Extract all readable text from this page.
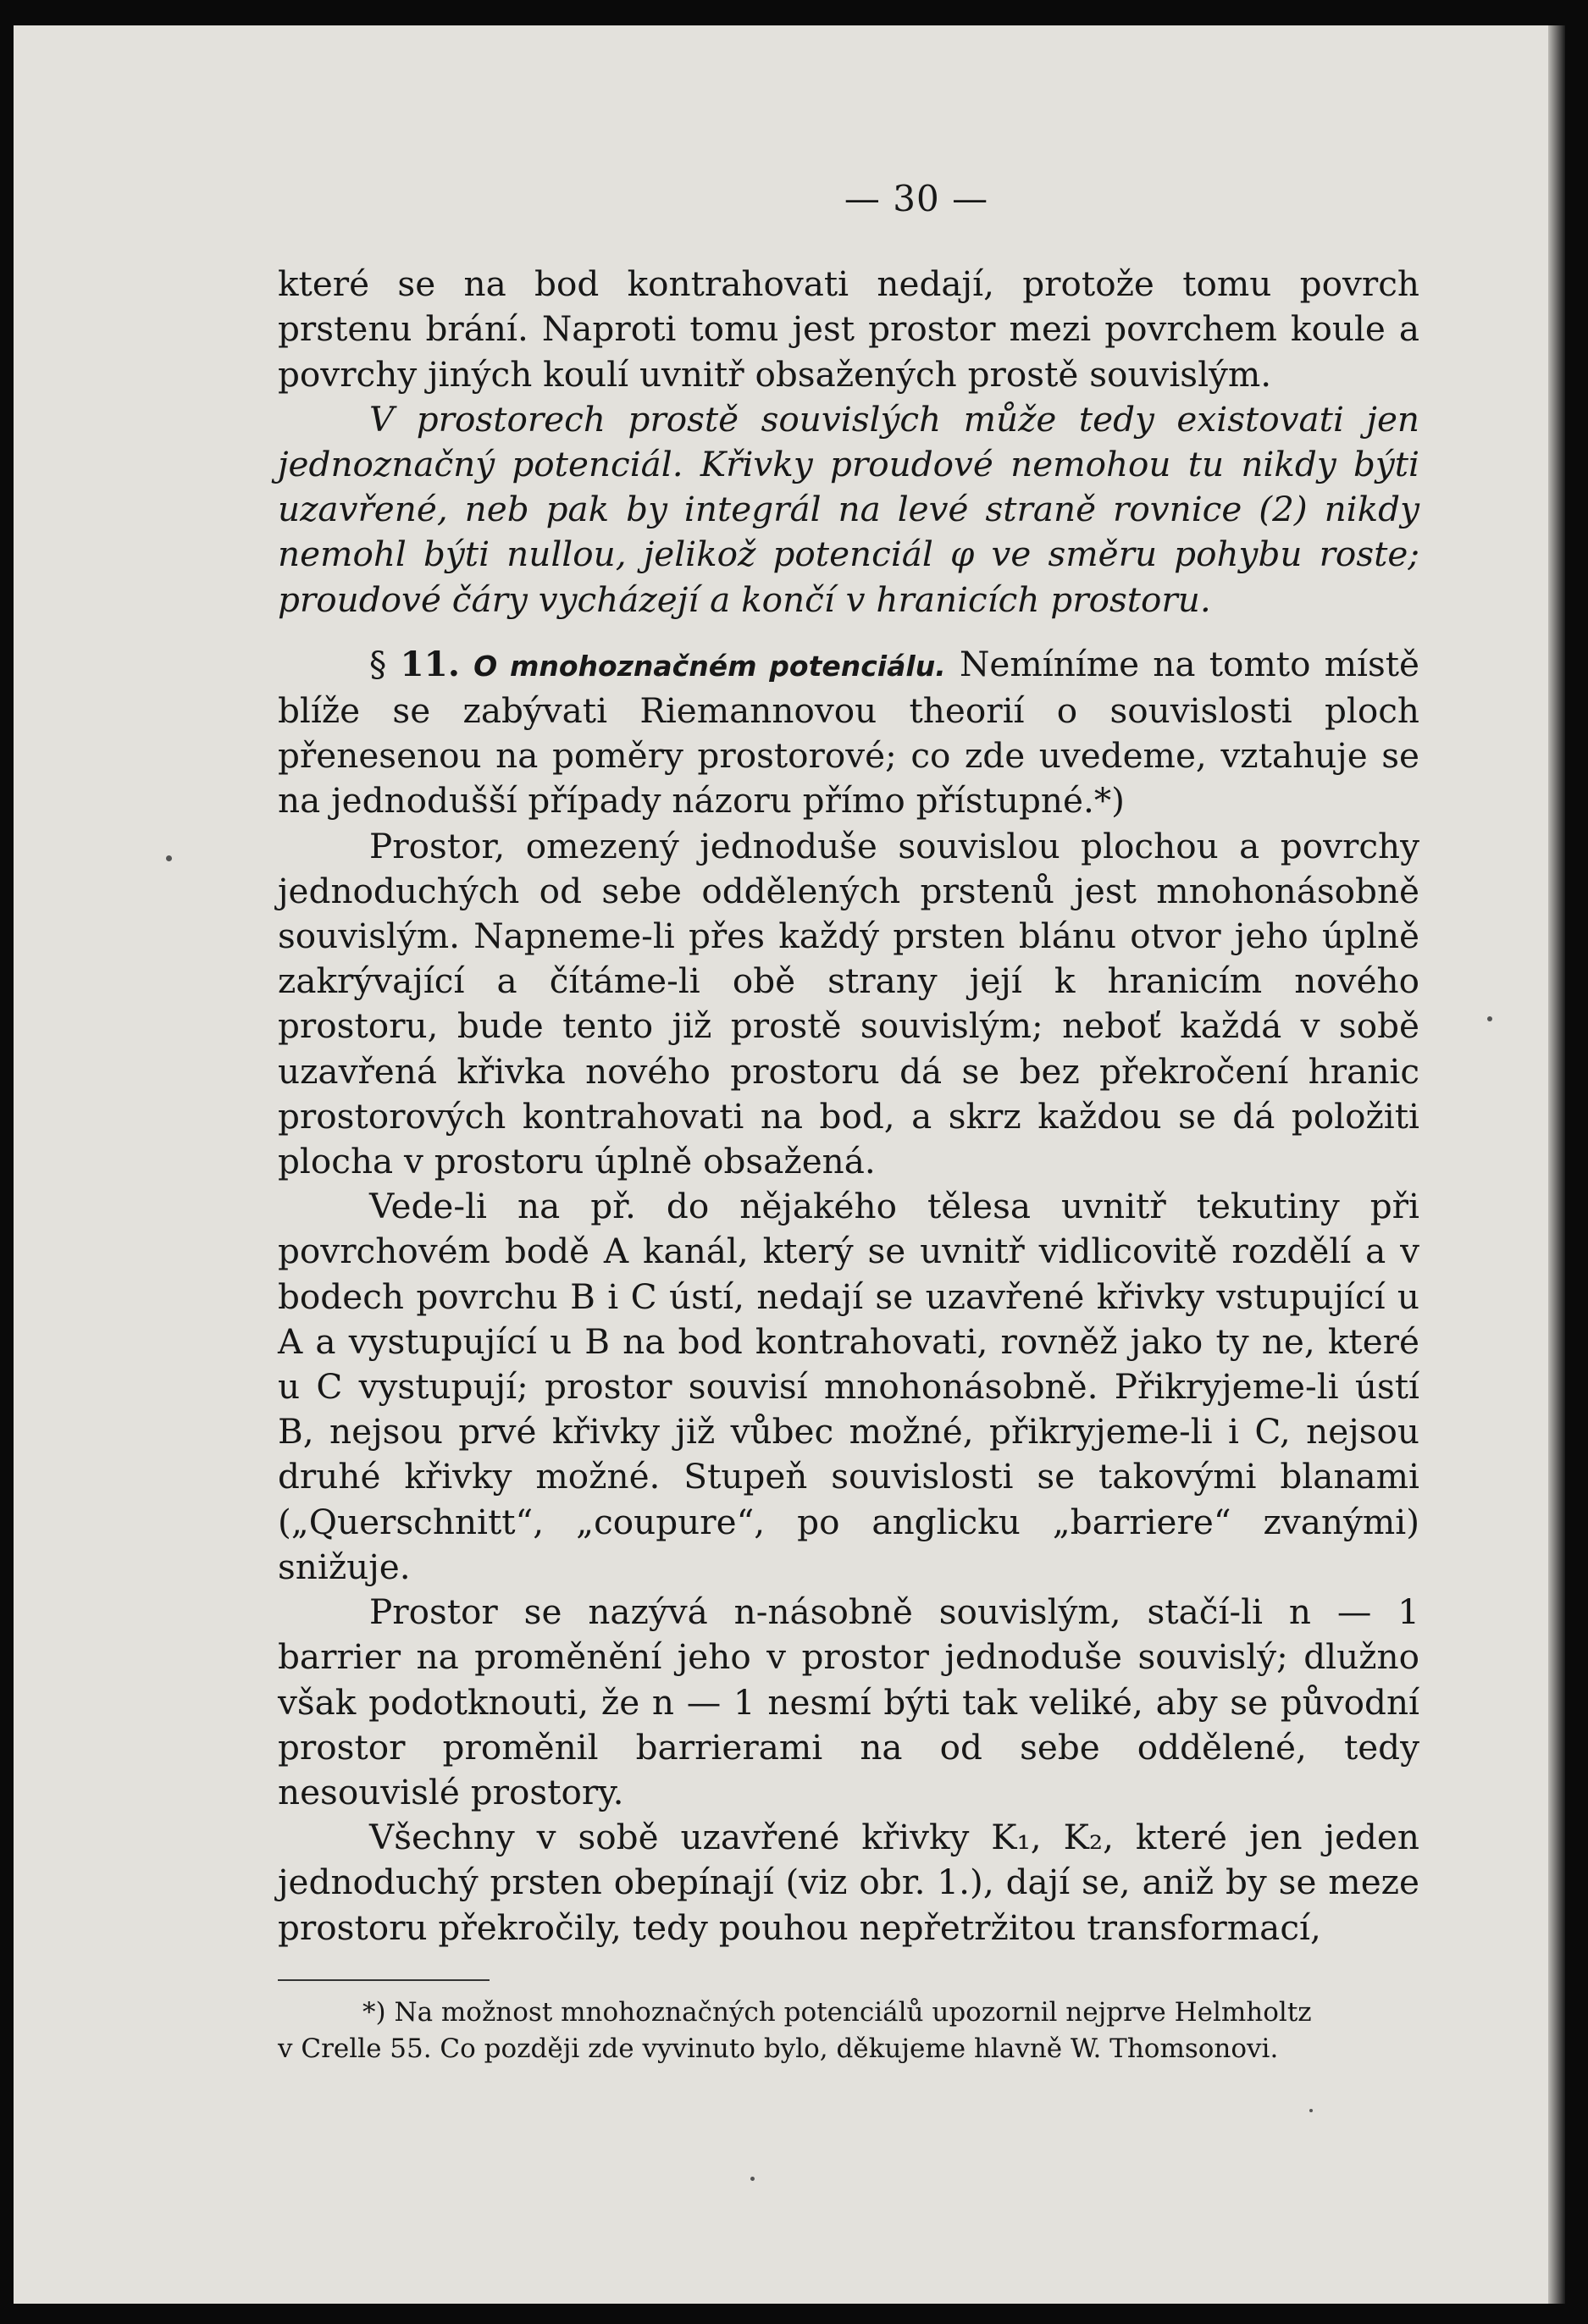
— 30 —

které se na bod kontrahovati nedají, protože tomu povrch prstenu brání. Naproti tomu jest prostor mezi povrchem koule a povrchy jiných koulí uvnitř obsažených prostě souvislým.

V prostorech prostě souvislých může tedy existovati jen jednoznačný potenciál. Křivky proudové nemohou tu nikdy býti uzavřené, neb pak by integrál na levé straně rovnice (2) nikdy nemohl býti nullou, jelikož potenciál φ ve směru pohybu roste; proudové čáry vycházejí a končí v hranicích prostoru.

§ 11. O mnohoznačném potenciálu. Nemíníme na tomto místě blíže se zabývati Riemannovou theorií o souvislosti ploch přenesenou na poměry prostorové; co zde uvedeme, vztahuje se na jednodušší případy názoru přímo přístupné.*)

Prostor, omezený jednoduše souvislou plochou a povrchy jednoduchých od sebe oddělených prstenů jest mnohonásobně souvislým. Napneme-li přes každý prsten blánu otvor jeho úplně zakrývající a čítáme-li obě strany její k hranicím nového prostoru, bude tento již prostě souvislým; neboť každá v sobě uzavřená křivka nového prostoru dá se bez překročení hranic prostorových kontrahovati na bod, a skrz každou se dá položiti plocha v prostoru úplně obsažená.

Vede-li na př. do nějakého tělesa uvnitř tekutiny při povrchovém bodě A kanál, který se uvnitř vidlicovitě rozdělí a v bodech povrchu B i C ústí, nedají se uzavřené křivky vstupující u A a vystupující u B na bod kontrahovati, rovněž jako ty ne, které u C vystupují; prostor souvisí mnohonásobně. Přikryjeme-li ústí B, nejsou prvé křivky již vůbec možné, přikryjeme-li i C, nejsou druhé křivky možné. Stupeň souvislosti se takovými blanami („Querschnitt“, „coupure“, po anglicku „barriere“ zvanými) snižuje.

Prostor se nazývá n-násobně souvislým, stačí-li n — 1 barrier na proměnění jeho v prostor jednoduše souvislý; dlužno však podotknouti, že n — 1 nesmí býti tak veliké, aby se původní prostor proměnil barrierami na od sebe oddělené, tedy nesouvislé prostory.

Všechny v sobě uzavřené křivky K₁, K₂, které jen jeden jednoduchý prsten obepínají (viz obr. 1.), dají se, aniž by se meze prostoru překročily, tedy pouhou nepřetržitou transformací,

*) Na možnost mnohoznačných potenciálů upozornil nejprve Helmholtz

v Crelle 55. Co později zde vyvinuto bylo, děkujeme hlavně W. Thomsonovi.
